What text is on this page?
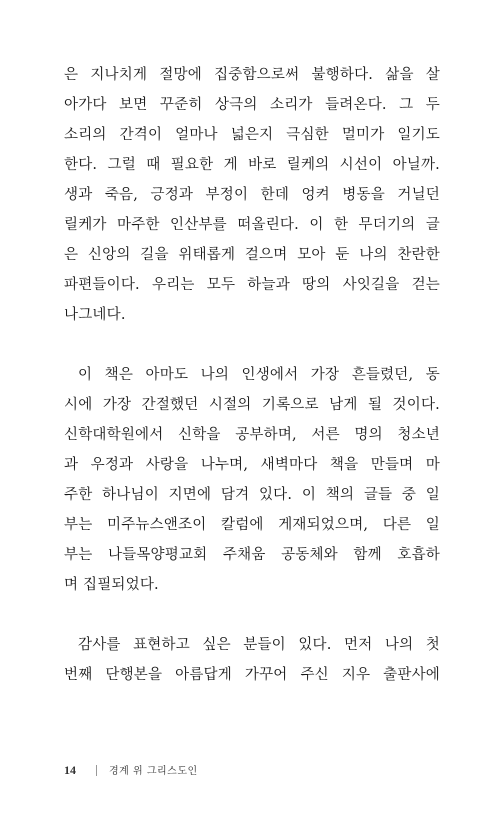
은 지나치게 절망에 집중함으로써 불행하다. 삶을 살
아가다 보면 꾸준히 상극의 소리가 들려온다. 그 두
소리의 간격이 얼마나 넓은지 극심한 멀미가 일기도
한다. 그럴 때 필요한 게 바로 릴케의 시선이 아닐까.
생과 죽음, 긍정과 부정이 한데 엉켜 병동을 거닐던
릴케가 마주한 인산부를 떠올린다. 이 한 무더기의 글
은 신앙의 길을 위태롭게 걸으며 모아 둔 나의 찬란한
파편들이다. 우리는 모두 하늘과 땅의 사잇길을 걷는
나그네다.
이 책은 아마도 나의 인생에서 가장 흔들렸던, 동
시에 가장 간절했던 시절의 기록으로 남게 될 것이다.
신학대학원에서 신학을 공부하며, 서른 명의 청소년
과 우정과 사랑을 나누며, 새벽마다 책을 만들며 마
주한 하나님이 지면에 담겨 있다. 이 책의 글들 중 일
부는 미주뉴스앤조이 칼럼에 게재되었으며, 다른 일
부는 나들목양평교회 주채움 공동체와 함께 호흡하
며 집필되었다.
감사를 표현하고 싶은 분들이 있다. 먼저 나의 첫
번째 단행본을 아름답게 가꾸어 주신 지우 출판사에
14	경계 위 그리스도인
